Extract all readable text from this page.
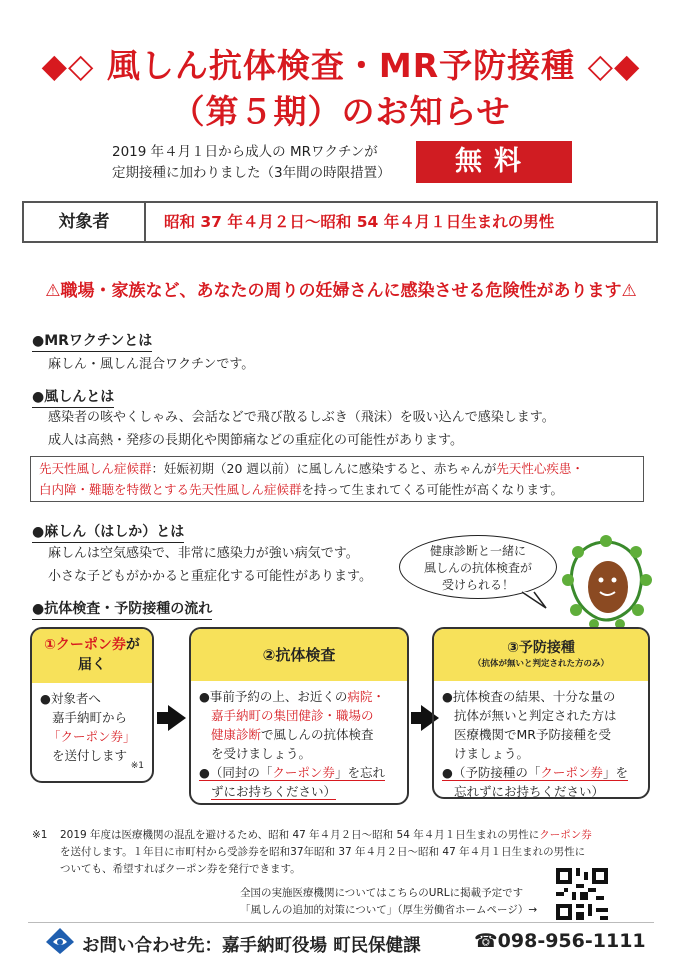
◆◇ 風しん抗体検査・MR予防接種 ◇◆
（第５期）のお知らせ
2019 年４月１日から成人の MRワクチンが
定期接種に加わりました（3年間の時限措置）	無料
対象者	昭和 37 年４月２日～昭和 54 年４月１日生まれの男性
⚠職場・家族など、あなたの周りの妊婦さんに感染させる危険性があります⚠
●MRワクチンとは
麻しん・風しん混合ワクチンです。
●風しんとは
感染者の咳やくしゃみ、会話などで飛び散るしぶき（飛沫）を吸い込んで感染します。
成人は高熱・発疹の長期化や関節痛などの重症化の可能性があります。
先天性風しん症候群：妊娠初期（20 週以前）に風しんに感染すると、赤ちゃんが先天性心疾患・
白内障・難聴を特徴とする先天性風しん症候群を持って生まれてくる可能性が高くなります。
●麻しん（はしか）とは
麻しんは空気感染で、非常に感染力が強い病気です。
小さな子どもがかかると重症化する可能性があります。
健康診断と一緒に
風しんの抗体検査が
受けられる！
●抗体検査・予防接種の流れ
①クーポン券が
届く
●対象者へ
嘉手納町から
「クーポン券」
を送付します
※1
②抗体検査
●事前予約の上、お近くの病院・
嘉手納町の集団健診・職場の
健康診断で風しんの抗体検査
を受けましょう。
●（同封の「クーポン券」を忘れ
ずにお持ちください）
③予防接種
（抗体が無いと判定された方のみ）
●抗体検査の結果、十分な量の
抗体が無いと判定された方は
医療機関でMR予防接種を受
けましょう。
●（予防接種の「クーポン券」を
忘れずにお持ちください）
※1 2019 年度は医療機関の混乱を避けるため、昭和 47 年４月２日～昭和 54 年４月１日生まれの男性にクーポン券
を送付します。１年目に市町村から受診券を昭和37年昭和 37 年４月２日～昭和 47 年４月１日生まれの男性に
ついても、希望すればクーポン券を発行できます。
全国の実施医療機関についてはこちらのURLに掲載予定です
「風しんの追加的対策について」（厚生労働省ホームページ）→
お問い合わせ先：嘉手納町役場 町民保健課	☎098-956-1111
